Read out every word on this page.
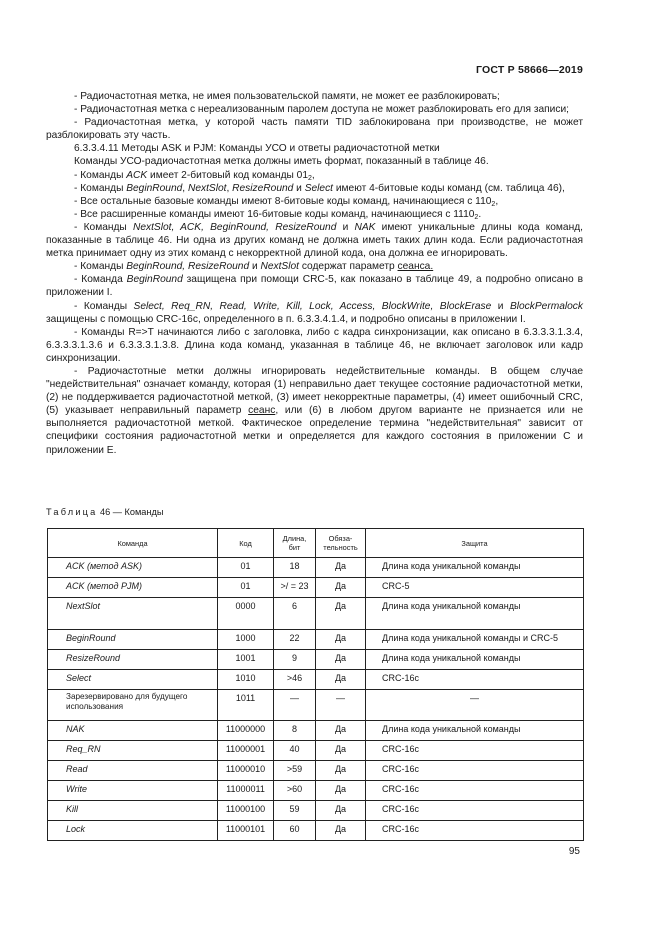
ГОСТ Р 58666—2019

- Радиочастотная метка, не имея пользовательской памяти, не может ее разблокировать;

- Радиочастотная метка с нереализованным паролем доступа не может разблокировать его для записи;

- Радиочастотная метка, у которой часть памяти TID заблокирована при производстве, не может разблокировать эту часть.

6.3.3.4.11 Методы ASK и PJM: Команды УСО и ответы радиочастотной метки

Команды УСО-радиочастотная метка должны иметь формат, показанный в таблице 46.

- Команды ACK имеет 2-битовый код команды $01_2$,

- Команды BeginRound, NextSlot, ResizeRound и Select имеют 4-битовые коды команд (см. таблица 46),

- Все остальные базовые команды имеют 8-битовые коды команд, начинающиеся с $110_2$,

- Все расширенные команды имеют 16-битовые коды команд, начинающиеся с $1110_2$.

- Команды NextSlot, ACK, BeginRound, ResizeRound и NAK имеют уникальные длины кода команд, показанные в таблице 46. Ни одна из других команд не должна иметь таких длин кода. Если радиочастотная метка принимает одну из этих команд с некорректной длиной кода, она должна ее игнорировать.

- Команды BeginRound, ResizeRound и NextSlot содержат параметр сеанса.

- Команда BeginRound защищена при помощи CRC-5, как показано в таблице 49, а подробно описано в приложении I.

- Команды Select, Req_RN, Read, Write, Kill, Lock, Access, BlockWrite, BlockErase и BlockPermalock защищены с помощью CRC-16c, определенного в п. 6.3.3.4.1.4, и подробно описаны в приложении I.

- Команды R=>T начинаются либо с заголовка, либо с кадра синхронизации, как описано в 6.3.3.3.1.3.4, 6.3.3.3.1.3.6 и 6.3.3.3.1.3.8. Длина кода команд, указанная в таблице 46, не включает заголовок или кадр синхронизации.

- Радиочастотные метки должны игнорировать недействительные команды. В общем случае "недействительная" означает команду, которая (1) неправильно дает текущее состояние радиочастотной метки, (2) не поддерживается радиочастотной меткой, (3) имеет некорректные параметры, (4) имеет ошибочный CRC, (5) указывает неправильный параметр сеанс, или (6) в любом другом варианте не признается или не выполняется радиочастотной меткой. Фактическое определение термина "недействительная" зависит от специфики состояния радиочастотной метки и определяется для каждого состояния в приложении С и приложении Е.

Таблица 46 — Команды
Команда	Код	Длина, бит	Обяза-тельность	Защита
ACK (метод ASK)	01	18	Да	Длина кода уникальной команды
ACK (метод PJM)	01	>/ = 23	Да	CRC-5
NextSlot	0000	6	Да	Длина кода уникальной команды
BeginRound	1000	22	Да	Длина кода уникальной команды и CRC-5
ResizeRound	1001	9	Да	Длина кода уникальной команды
Select	1010	>46	Да	CRC-16c
Зарезервировано для будущего использования	1011	—	—	—
NAK	11000000	8	Да	Длина кода уникальной команды
Req_RN	11000001	40	Да	CRC-16c
Read	11000010	>59	Да	CRC-16c
Write	11000011	>60	Да	CRC-16c
Kill	11000100	59	Да	CRC-16c
Lock	11000101	60	Да	CRC-16c
95
